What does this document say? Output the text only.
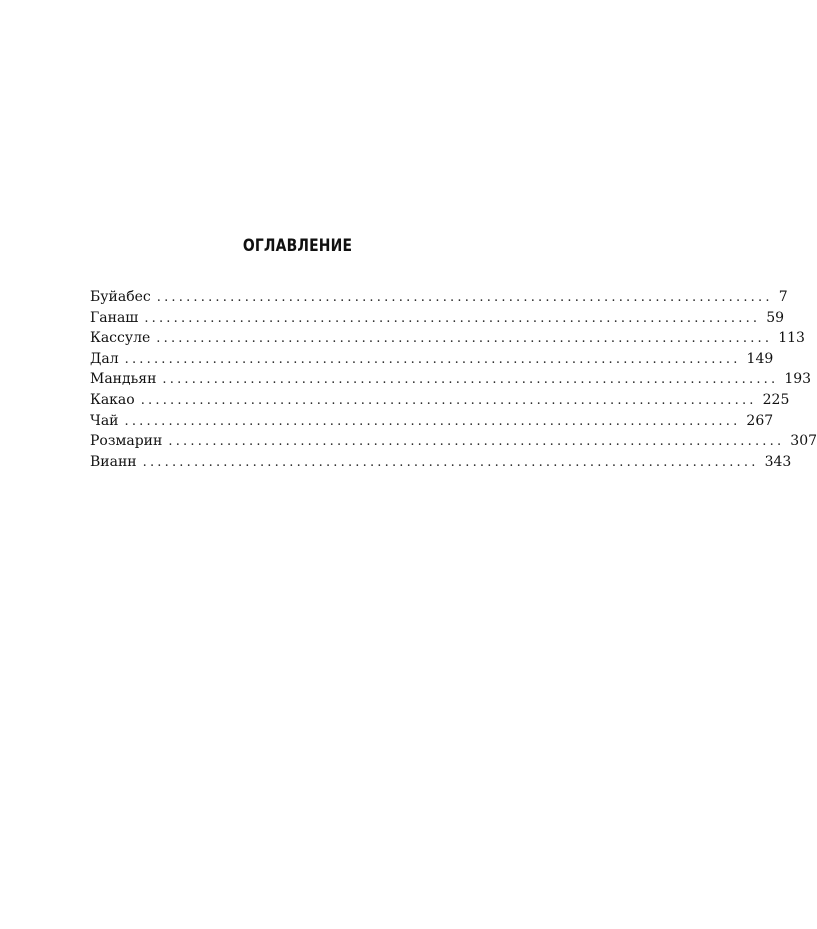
ОГЛАВЛЕНИЕ
Буйабес .................................................................................... 7
Ганаш .................................................................................... 59
Кассуле .................................................................................... 113
Дал .................................................................................... 149
Мандьян .................................................................................... 193
Какао .................................................................................... 225
Чай .................................................................................... 267
Розмарин .................................................................................... 307
Вианн .................................................................................... 343
